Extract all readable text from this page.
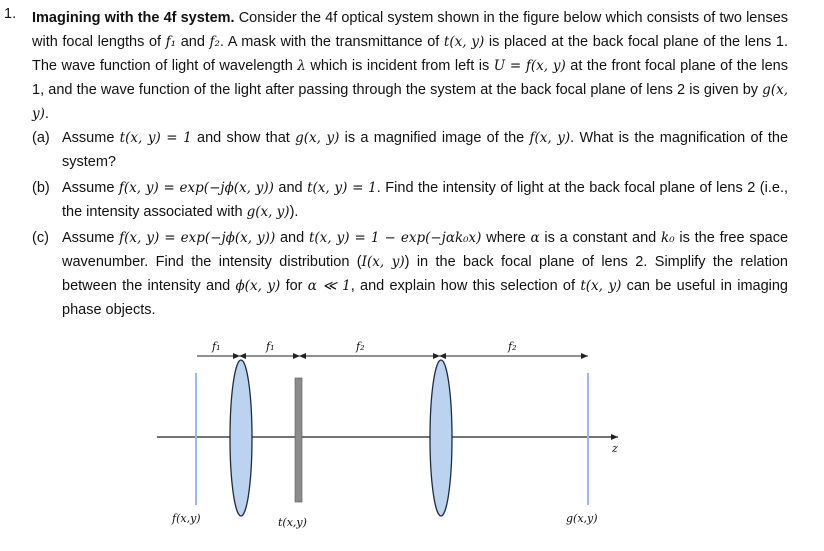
1. Imagining with the 4f system. Consider the 4f optical system shown in the figure below which consists of two lenses with focal lengths of f₁ and f₂. A mask with the transmittance of t(x, y) is placed at the back focal plane of the lens 1. The wave function of light of wavelength λ which is incident from left is U = f(x, y) at the front focal plane of the lens 1, and the wave function of the light after passing through the system at the back focal plane of lens 2 is given by g(x, y).
(a) Assume t(x, y) = 1 and show that g(x, y) is a magnified image of the f(x, y). What is the magnification of the system?
(b) Assume f(x, y) = exp(−jϕ(x, y)) and t(x, y) = 1. Find the intensity of light at the back focal plane of lens 2 (i.e., the intensity associated with g(x, y)).
(c) Assume f(x, y) = exp(−jϕ(x, y)) and t(x, y) = 1 − exp(−jαk₀x) where α is a constant and k₀ is the free space wavenumber. Find the intensity distribution (I(x, y)) in the back focal plane of lens 2. Simplify the relation between the intensity and ϕ(x, y) for α ≪ 1, and explain how this selection of t(x, y) can be useful in imaging phase objects.
f₁	f₁	f₂	f₂
z
f(x,y)	t(x,y)	g(x,y)
